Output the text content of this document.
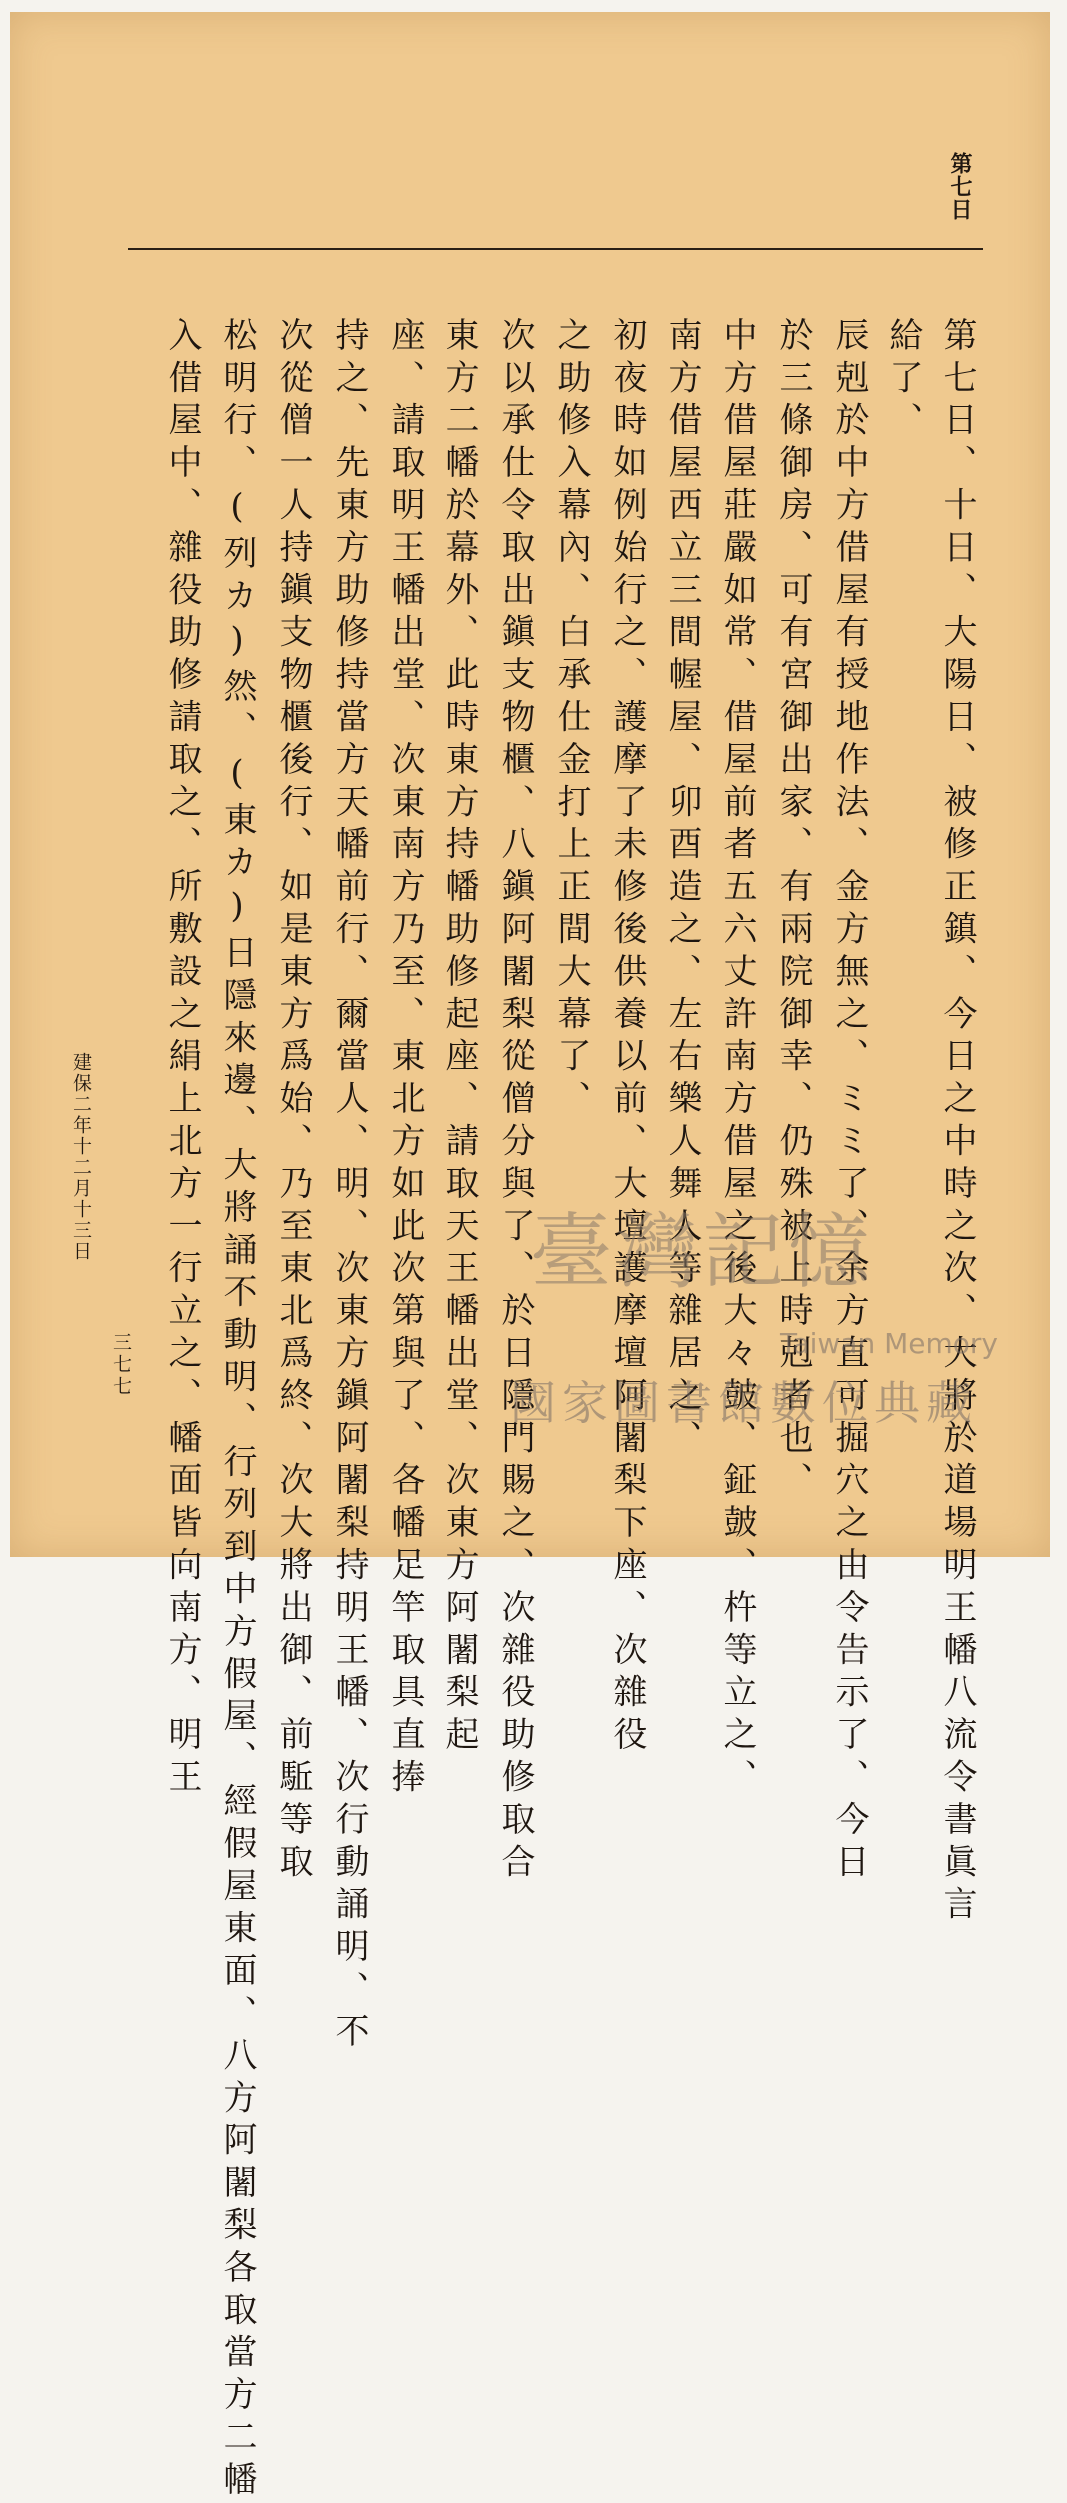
第七日
第七日、十日、大陽日、被修正鎮、今日之中時之次、大將於道場明王幡八流令書眞言
給了、
辰剋於中方借屋有授地作法、金方無之、ミミ了、余方直可掘穴之由令告示了、今日
於三條御房、可有宮御出家、有兩院御幸、仍殊被上時剋者也、
中方借屋莊嚴如常、借屋前者五六丈許南方借屋之後大々皷、鉦皷、杵等立之、
南方借屋西立三間幄屋、卯酉造之、左右樂人舞人等雜居之、
初夜時如例始行之、護摩了未修後供養以前、大壇護摩壇阿闍梨下座、次雜役
之助修入幕內、白承仕金打上正間大幕了、
次以承仕令取出鎭支物櫃、八鎭阿闍梨從僧分與了、於日隱門賜之、次雜役助修取合
東方二幡於幕外、此時東方持幡助修起座、請取天王幡出堂、次東方阿闍梨起
座、請取明王幡出堂、次東南方乃至、東北方如此次第與了、各幡足竿取具直捧
持之、先東方助修持當方天幡前行、爾當人、明、次東方鎭阿闍梨持明王幡、次行動誦明、不
次從僧一人持鎭支物櫃後行、如是東方爲始、乃至東北爲終、次大將出御、前駈等取
松明行、(列カ)然、(東カ)日隱來邊、大將誦不動明、行列到中方假屋、經假屋東面、八方阿闍梨各取當方二幡
入借屋中、雜役助修請取之、所敷設之絹上北方一行立之、幡面皆向南方、明王
建保二年十二月十三日
三七七
臺灣記憶
Taiwan Memory
國家圖書館數位典藏
